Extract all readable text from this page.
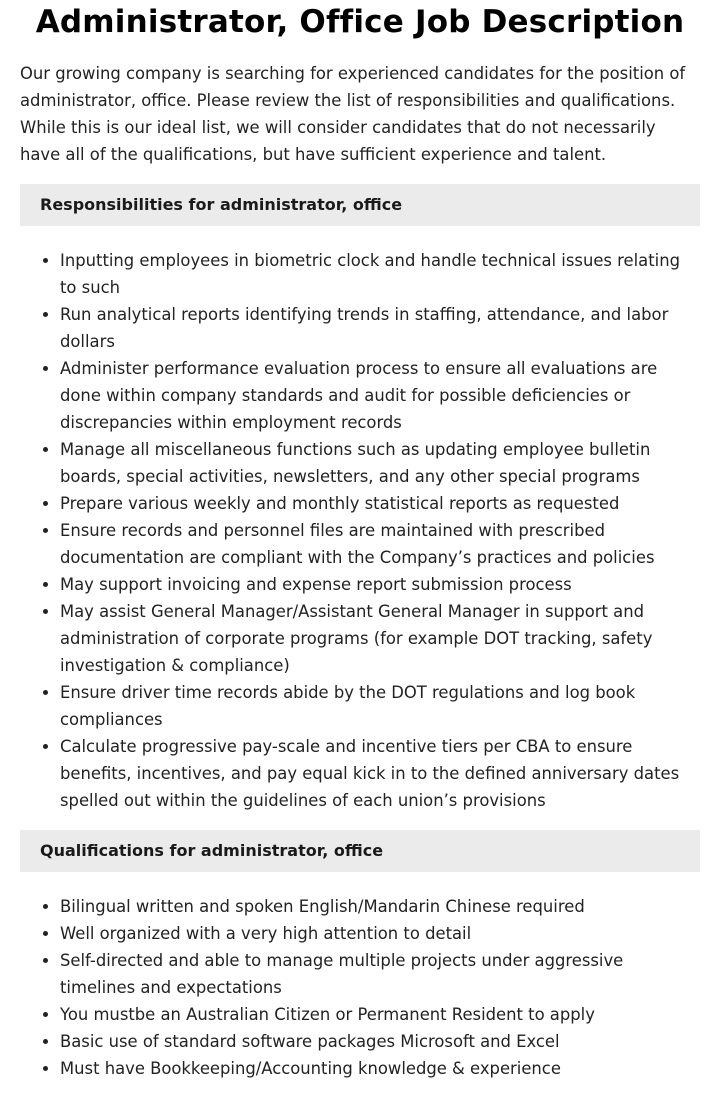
Administrator, Office Job Description

Our growing company is searching for experienced candidates for the position of administrator, office. Please review the list of responsibilities and qualifications. While this is our ideal list, we will consider candidates that do not necessarily have all of the qualifications, but have sufficient experience and talent.

Responsibilities for administrator, office
Inputting employees in biometric clock and handle technical issues relating to such
Run analytical reports identifying trends in staffing, attendance, and labor dollars
Administer performance evaluation process to ensure all evaluations are done within company standards and audit for possible deficiencies or discrepancies within employment records
Manage all miscellaneous functions such as updating employee bulletin boards, special activities, newsletters, and any other special programs
Prepare various weekly and monthly statistical reports as requested
Ensure records and personnel files are maintained with prescribed documentation are compliant with the Company’s practices and policies
May support invoicing and expense report submission process
May assist General Manager/Assistant General Manager in support and administration of corporate programs (for example DOT tracking, safety investigation & compliance)
Ensure driver time records abide by the DOT regulations and log book compliances
Calculate progressive pay-scale and incentive tiers per CBA to ensure benefits, incentives, and pay equal kick in to the defined anniversary dates spelled out within the guidelines of each union’s provisions
Qualifications for administrator, office
Bilingual written and spoken English/Mandarin Chinese required
Well organized with a very high attention to detail
Self-directed and able to manage multiple projects under aggressive timelines and expectations
You mustbe an Australian Citizen or Permanent Resident to apply
Basic use of standard software packages Microsoft and Excel
Must have Bookkeeping/Accounting knowledge & experience
